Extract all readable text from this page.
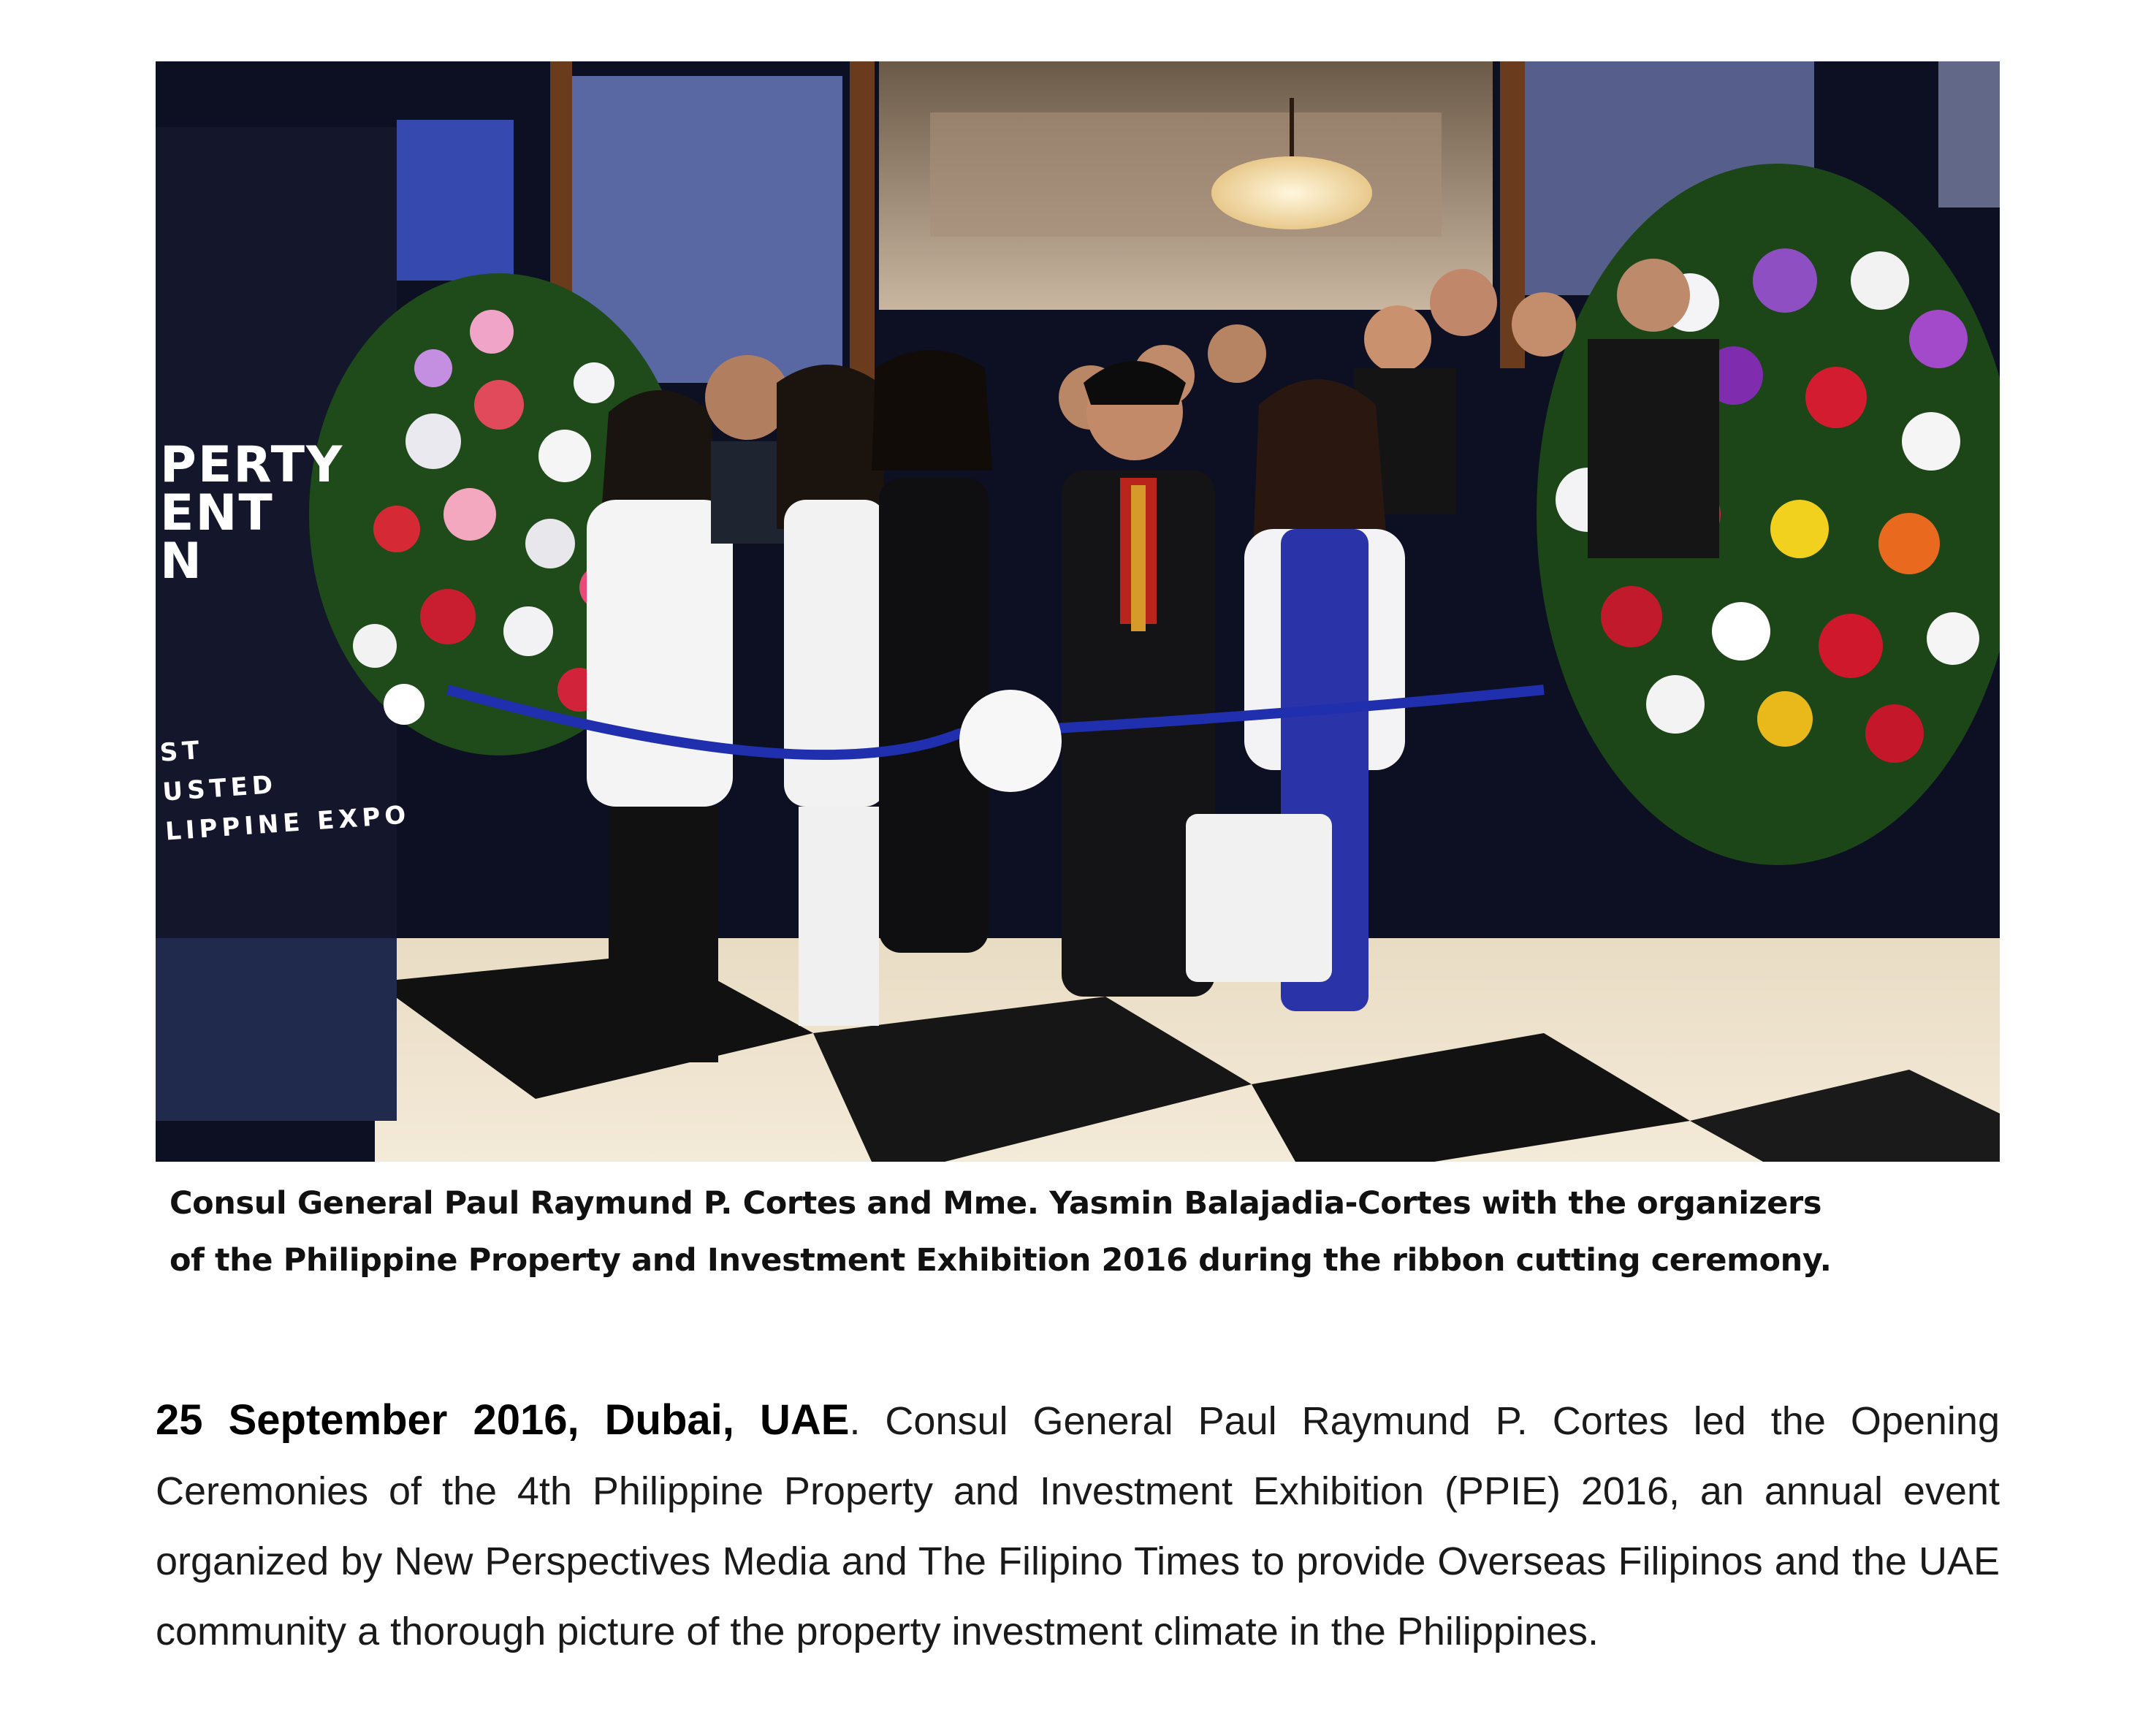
PERTY
ENT
N
ST
USTED
LIPPINE EXPO
Consul General Paul Raymund P. Cortes and Mme. Yasmin Balajadia-Cortes with the organizers
of the Philippine Property and Investment Exhibition 2016 during the ribbon cutting ceremony.

25 September 2016, Dubai, UAE. Consul General Paul Raymund P. Cortes led the Opening Ceremonies of the 4th Philippine Property and Investment Exhibition (PPIE) 2016, an annual event organized by New Perspectives Media and The Filipino Times to provide Overseas Filipinos and the UAE community a thorough picture of the property investment climate in the Philippines.
